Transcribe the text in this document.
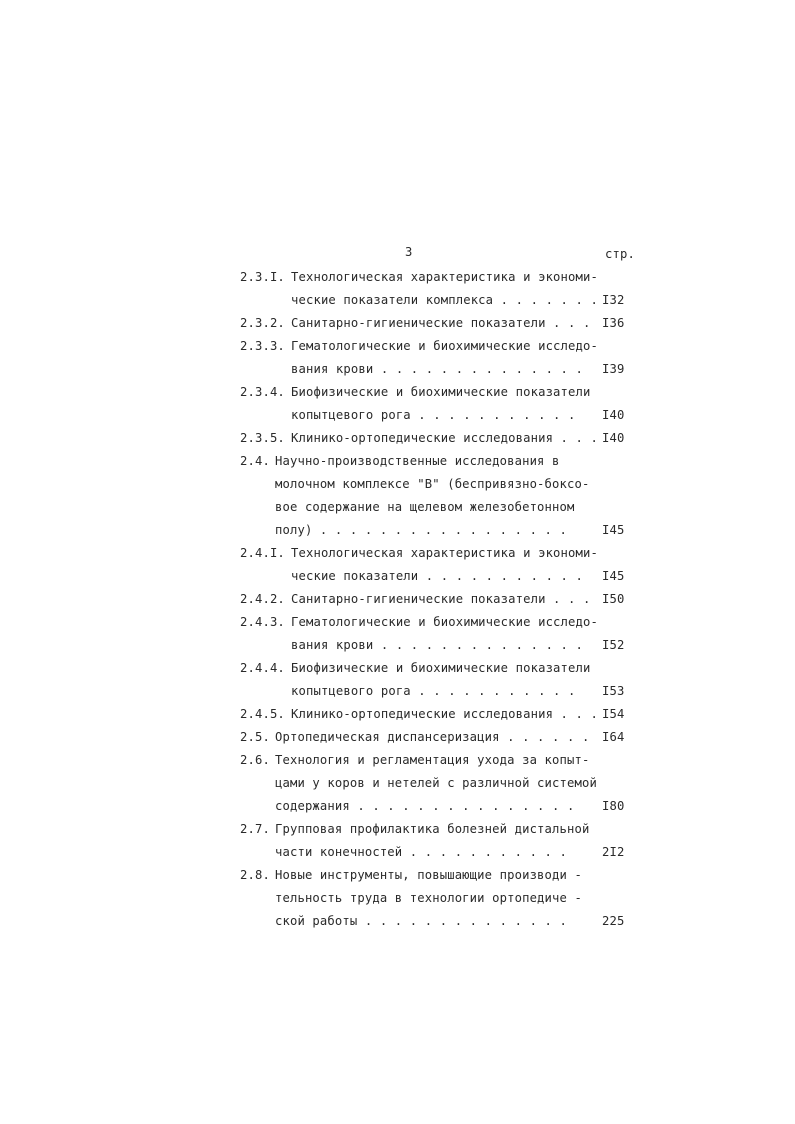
3	стр.
2.3.I. Технологическая характеристика и экономи-
ческие показатели комплекса . . . . . . . I32
2.3.2. Санитарно-гигиенические показатели . . . I36
2.3.3. Гематологические и биохимические исследо-
вания крови . . . . . . . . . . . . . . I39
2.3.4. Биофизические и биохимические показатели
копытцевого рога . . . . . . . . . . . I40
2.3.5. Клинико-ортопедические исследования . . . I40
2.4. Научно-производственные исследования в
молочном комплексе "В" (беспривязно-боксо-
вое содержание на щелевом железобетонном
полу) . . . . . . . . . . . . . . . . .	I45
2.4.I. Технологическая характеристика и экономи-
ческие показатели . . . . . . . . . . . I45
2.4.2. Санитарно-гигиенические показатели . . . I50
2.4.3. Гематологические и биохимические исследо-
вания крови . . . . . . . . . . . . . . I52
2.4.4. Биофизические и биохимические показатели
копытцевого рога . . . . . . . . . . . I53
2.4.5. Клинико-ортопедические исследования . . . I54
2.5. Ортопедическая диспансеризация . . . . . . I64
2.6. Технология и регламентация ухода за копыт-
цами у коров и нетелей с различной системой
содержания . . . . . . . . . . . . . . . I80
2.7. Групповая профилактика болезней дистальной
части конечностей . . . . . . . . . . .	2I2
2.8. Новые инструменты, повышающие производи -
тельность труда в технологии ортопедиче -
ской работы . . . . . . . . . . . . . .	225
